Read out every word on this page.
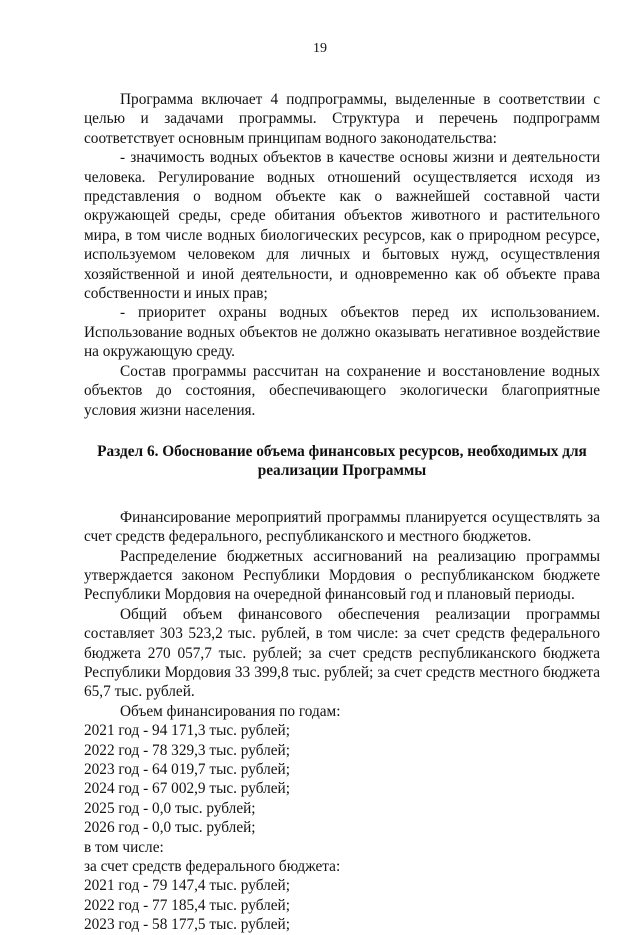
19

Программа включает 4 подпрограммы, выделенные в соответствии с целью и задачами программы. Структура и перечень подпрограмм соответствует основным принципам водного законодательства:

- значимость водных объектов в качестве основы жизни и деятельности человека. Регулирование водных отношений осуществляется исходя из представления о водном объекте как о важнейшей составной части окружающей среды, среде обитания объектов животного и растительного мира, в том числе водных биологических ресурсов, как о природном ресурсе, используемом человеком для личных и бытовых нужд, осуществления хозяйственной и иной деятельности, и одновременно как об объекте права собственности и иных прав;

- приоритет охраны водных объектов перед их использованием. Использование водных объектов не должно оказывать негативное воздействие на окружающую среду.

Состав программы рассчитан на сохранение и восстановление водных объектов до состояния, обеспечивающего экологически благоприятные условия жизни населения.

Раздел 6. Обоснование объема финансовых ресурсов, необходимых для реализации Программы

Финансирование мероприятий программы планируется осуществлять за счет средств федерального, республиканского и местного бюджетов.

Распределение бюджетных ассигнований на реализацию программы утверждается законом Республики Мордовия о республиканском бюджете Республики Мордовия на очередной финансовый год и плановый периоды.

Общий объем финансового обеспечения реализации программы составляет 303 523,2 тыс. рублей, в том числе: за счет средств федерального бюджета 270 057,7 тыс. рублей; за счет средств республиканского бюджета Республики Мордовия 33 399,8 тыс. рублей; за счет средств местного бюджета 65,7 тыс. рублей.

Объем финансирования по годам:

2021 год - 94 171,3 тыс. рублей;
2022 год - 78 329,3 тыс. рублей;
2023 год - 64 019,7 тыс. рублей;
2024 год - 67 002,9 тыс. рублей;
2025 год - 0,0 тыс. рублей;
2026 год - 0,0 тыс. рублей;

в том числе:

за счет средств федерального бюджета:

2021 год - 79 147,4 тыс. рублей;
2022 год - 77 185,4 тыс. рублей;
2023 год - 58 177,5 тыс. рублей;
